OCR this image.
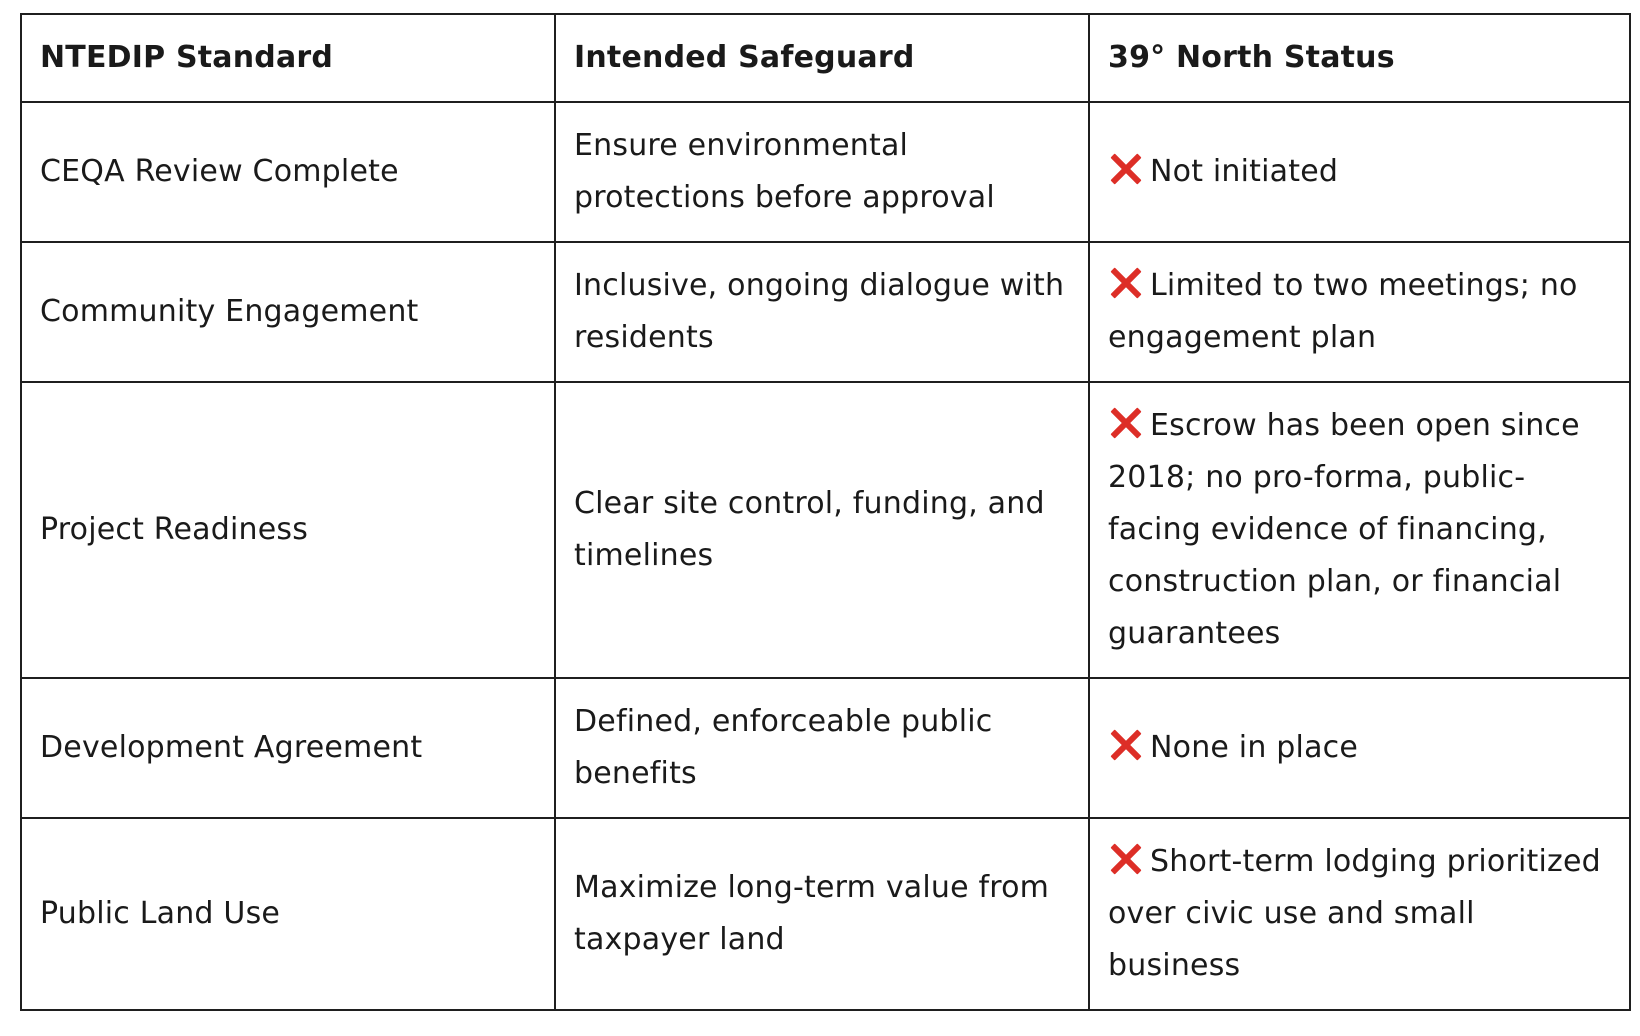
NTEDIP Standard	Intended Safeguard	39° North Status
CEQA Review Complete	Ensure environmental protections before approval	Not initiated
Community Engagement	Inclusive, ongoing dialogue with residents	Limited to two meetings; no engagement plan
Project Readiness	Clear site control, funding, and timelines	Escrow has been open since 2018; no pro-forma, public-facing evidence of financing, construction plan, or financial guarantees
Development Agreement	Defined, enforceable public benefits	None in place
Public Land Use	Maximize long-term value from taxpayer land	Short-term lodging prioritized over civic use and small business
